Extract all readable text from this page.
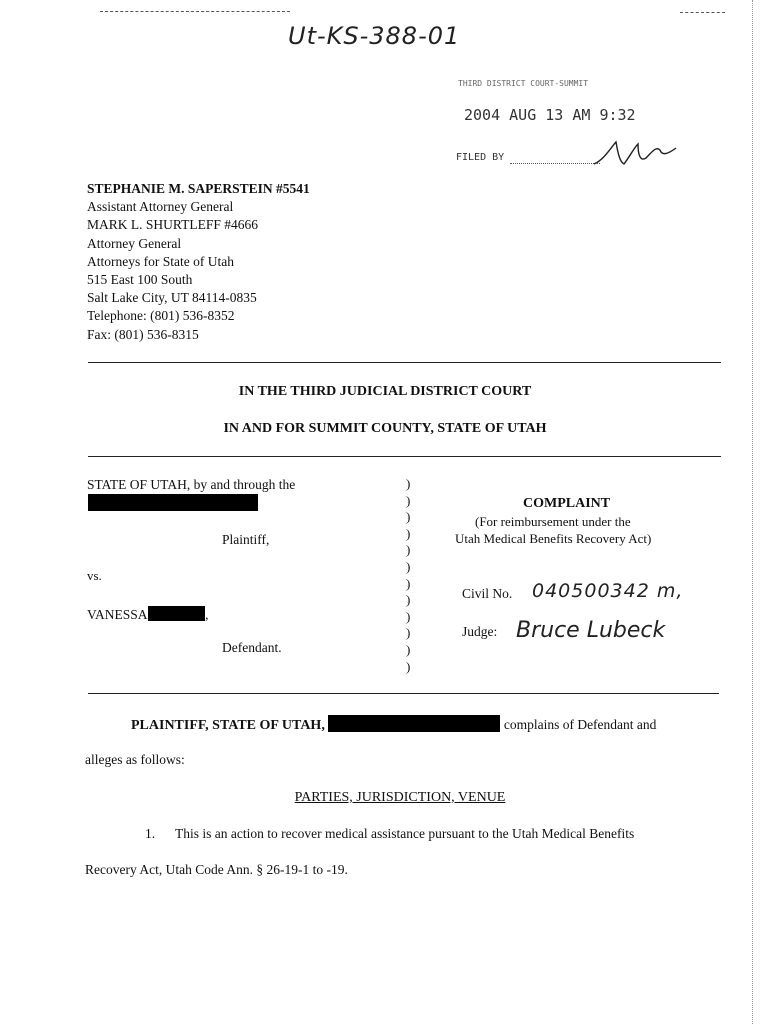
Ut-KS-388-01
THIRD DISTRICT COURT-SUMMIT
2004 AUG 13 AM 9:32
FILED BY
STEPHANIE M. SAPERSTEIN #5541
Assistant Attorney General
MARK L. SHURTLEFF #4666
Attorney General
Attorneys for State of Utah
515 East 100 South
Salt Lake City, UT 84114-0835
Telephone: (801) 536-8352
Fax: (801) 536-8315
IN THE THIRD JUDICIAL DISTRICT COURT
IN AND FOR SUMMIT COUNTY, STATE OF UTAH
STATE OF UTAH, by and through the
Plaintiff,
vs.
VANESSA	,
Defendant.
)
)
)
)
)
)
)
)
)
)
)
)
COMPLAINT
(For reimbursement under the
Utah Medical Benefits Recovery Act)
Civil No. 040500342 m,
Judge: Bruce Lubeck
PLAINTIFF, STATE OF UTAH,	complains of Defendant and
alleges as follows:
PARTIES, JURISDICTION, VENUE
1. This is an action to recover medical assistance pursuant to the Utah Medical Benefits
Recovery Act, Utah Code Ann. § 26-19-1 to -19.
